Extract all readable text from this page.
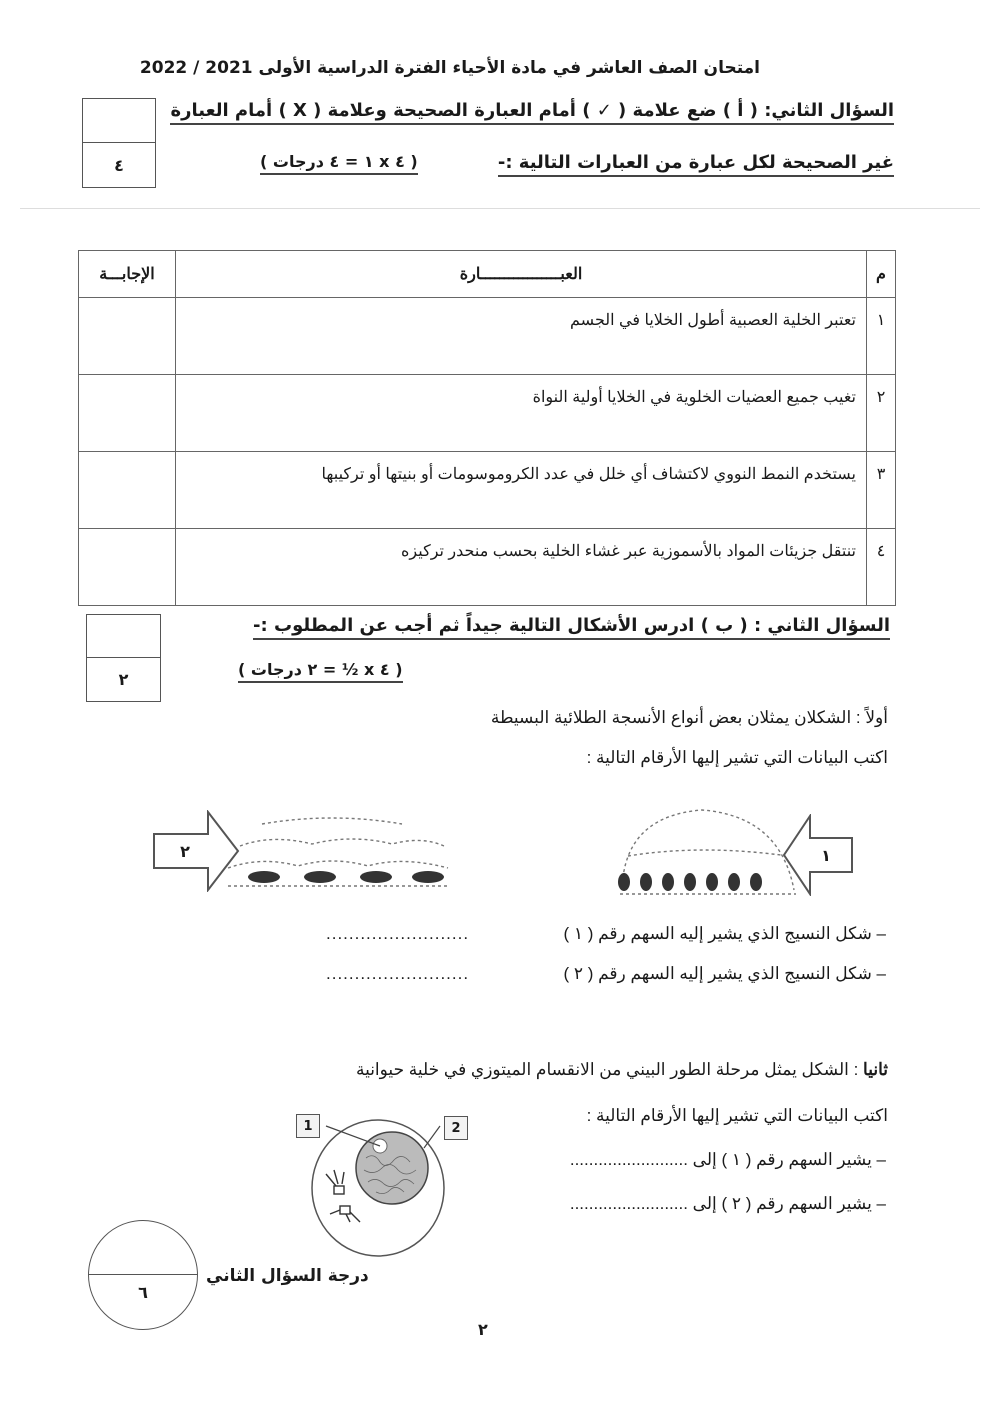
امتحان الصف العاشر في مادة الأحياء الفترة الدراسية الأولى 2021 / 2022
٤
السؤال الثاني: ( أ ) ضع علامة ( ✓ ) أمام العبارة الصحيحة وعلامة ( X ) أمام العبارة
غير الصحيحة لكل عبارة من العبارات التالية :-
( ٤ x ١ = ٤ درجات )
م	العبـــــــــــــــــارة	الإجابـــة
١	تعتبر الخلية العصبية أطول الخلايا في الجسم	
٢	تغيب جميع العضيات الخلوية في الخلايا أولية النواة	
٣	يستخدم النمط النووي لاكتشاف أي خلل في عدد الكروموسومات أو بنيتها أو تركيبها	
٤	تنتقل جزيئات المواد بالأسموزية عبر غشاء الخلية بحسب منحدر تركيزه	
٢
السؤال الثاني : ( ب ) ادرس الأشكال التالية جيداً ثم أجب عن المطلوب :-
( ٤ x ½ = ٢ درجات )
أولاً : الشكلان يمثلان بعض أنواع الأنسجة الطلائية البسيطة
اكتب البيانات التي تشير إليها الأرقام التالية :
٢	١
– شكل النسيج الذي يشير إليه السهم رقم ( ١ )
.........................
– شكل النسيج الذي يشير إليه السهم رقم ( ٢ )
.........................
ثانيا : الشكل يمثل مرحلة الطور البيني من الانقسام الميتوزي في خلية حيوانية
اكتب البيانات التي تشير إليها الأرقام التالية :
– يشير السهم رقم ( ١ ) إلى .........................
– يشير السهم رقم ( ٢ ) إلى .........................
1	2
٦
درجة السؤال الثاني
٢
